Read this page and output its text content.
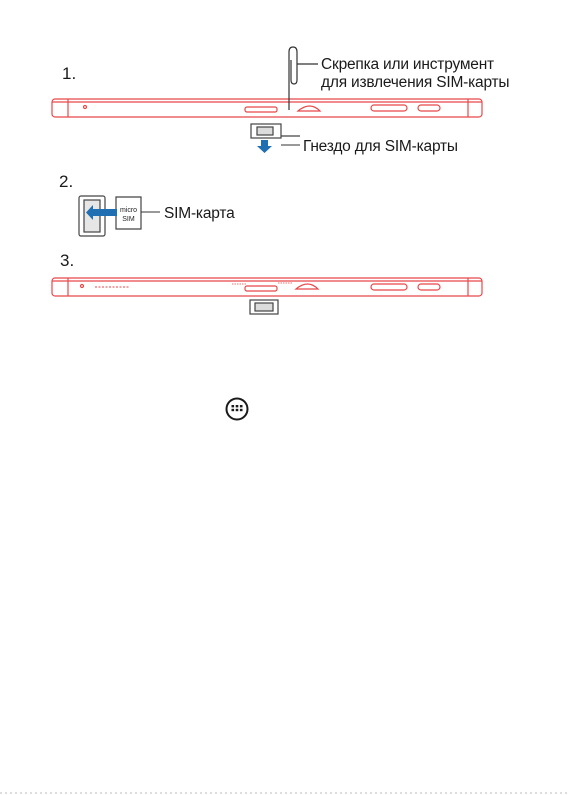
1.
2.
3.
Скрепка или инструмент
для извлечения SIM-карты
Гнездо для SIM-карты
SIM-карта
micro
SIM
